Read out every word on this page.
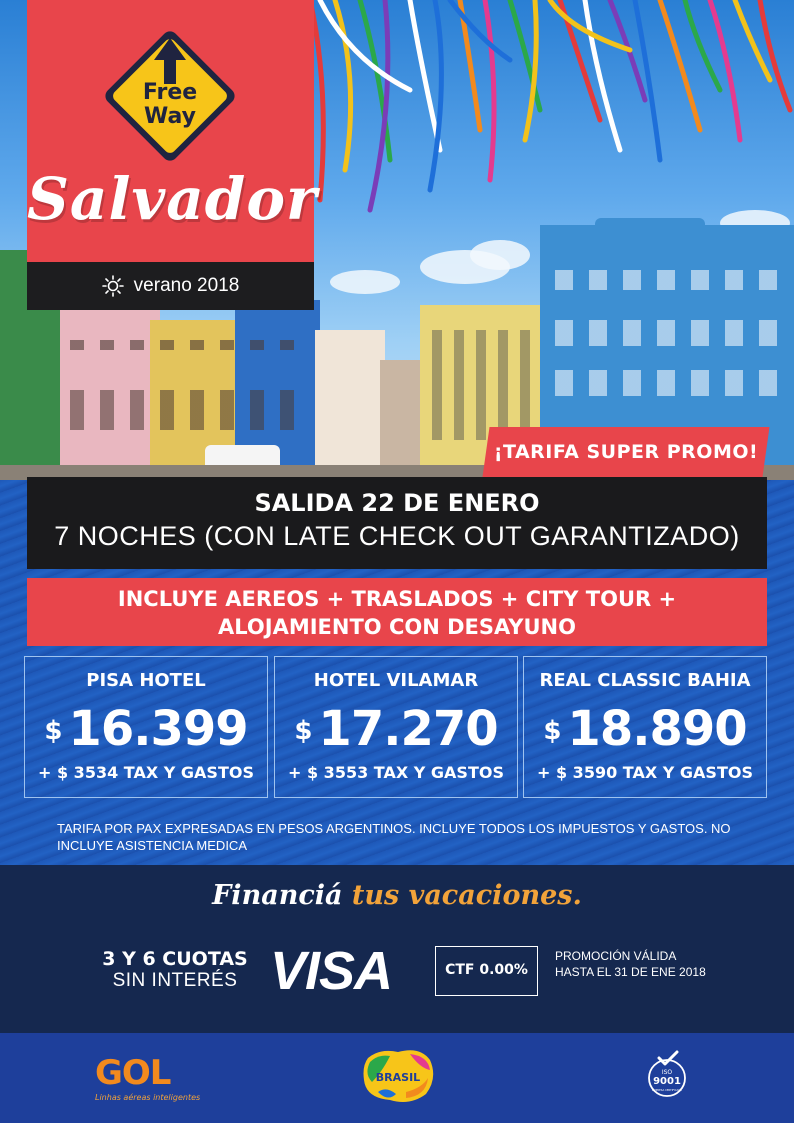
Free
Way
Salvador
verano 2018
¡TARIFA SUPER PROMO!
SALIDA 22 DE ENERO
7 NOCHES (CON LATE CHECK OUT GARANTIZADO)
INCLUYE AEREOS + TRASLADOS + CITY TOUR +
ALOJAMIENTO CON DESAYUNO
PISA HOTEL
$ 16.399
+ $ 3534 TAX Y GASTOS
HOTEL VILAMAR
$ 17.270
+ $ 3553 TAX Y GASTOS
REAL CLASSIC BAHIA
$ 18.890
+ $ 3590 TAX Y GASTOS
TARIFA POR PAX EXPRESADAS EN PESOS ARGENTINOS. INCLUYE TODOS LOS IMPUESTOS Y GASTOS. NO INCLUYE ASISTENCIA MEDICA
Financiá tus vacaciones.
3 Y 6 CUOTAS
SIN INTERÉS VISA	CTF 0.00%
PROMOCIÓN VÁLIDA
HASTA EL 31 DE ENE 2018
GOL
Linhas aéreas inteligentes
BRASIL	ISO
9001
EMPRESA CERTIFICADA
